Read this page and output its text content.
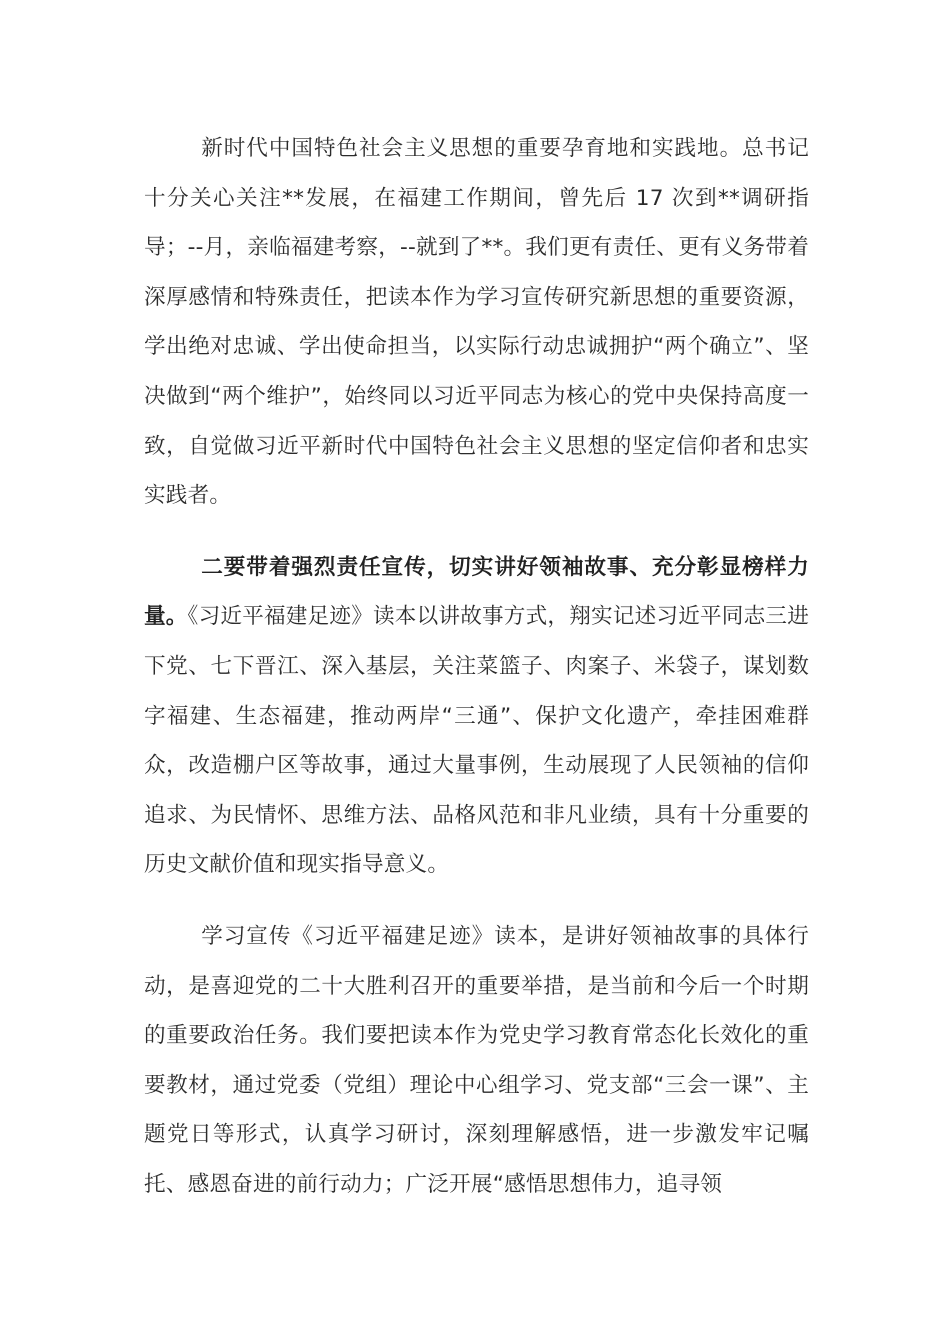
新时代中国特色社会主义思想的重要孕育地和实践地。总书记十分关心关注**发展，在福建工作期间，曾先后 17 次到**调研指导；--月，亲临福建考察，--就到了**。我们更有责任、更有义务带着深厚感情和特殊责任，把读本作为学习宣传研究新思想的重要资源，学出绝对忠诚、学出使命担当，以实际行动忠诚拥护“两个确立”、坚决做到“两个维护”，始终同以习近平同志为核心的党中央保持高度一致，自觉做习近平新时代中国特色社会主义思想的坚定信仰者和忠实实践者。

二要带着强烈责任宣传，切实讲好领袖故事、充分彰显榜样力量。《习近平福建足迹》读本以讲故事方式，翔实记述习近平同志三进下党、七下晋江、深入基层，关注菜篮子、肉案子、米袋子，谋划数字福建、生态福建，推动两岸“三通”、保护文化遗产，牵挂困难群众，改造棚户区等故事，通过大量事例，生动展现了人民领袖的信仰追求、为民情怀、思维方法、品格风范和非凡业绩，具有十分重要的历史文献价值和现实指导意义。

学习宣传《习近平福建足迹》读本，是讲好领袖故事的具体行动，是喜迎党的二十大胜利召开的重要举措，是当前和今后一个时期的重要政治任务。我们要把读本作为党史学习教育常态化长效化的重要教材，通过党委（党组）理论中心组学习、党支部“三会一课”、主题党日等形式，认真学习研讨，深刻理解感悟，进一步激发牢记嘱托、感恩奋进的前行动力；广泛开展“感悟思想伟力，追寻领
